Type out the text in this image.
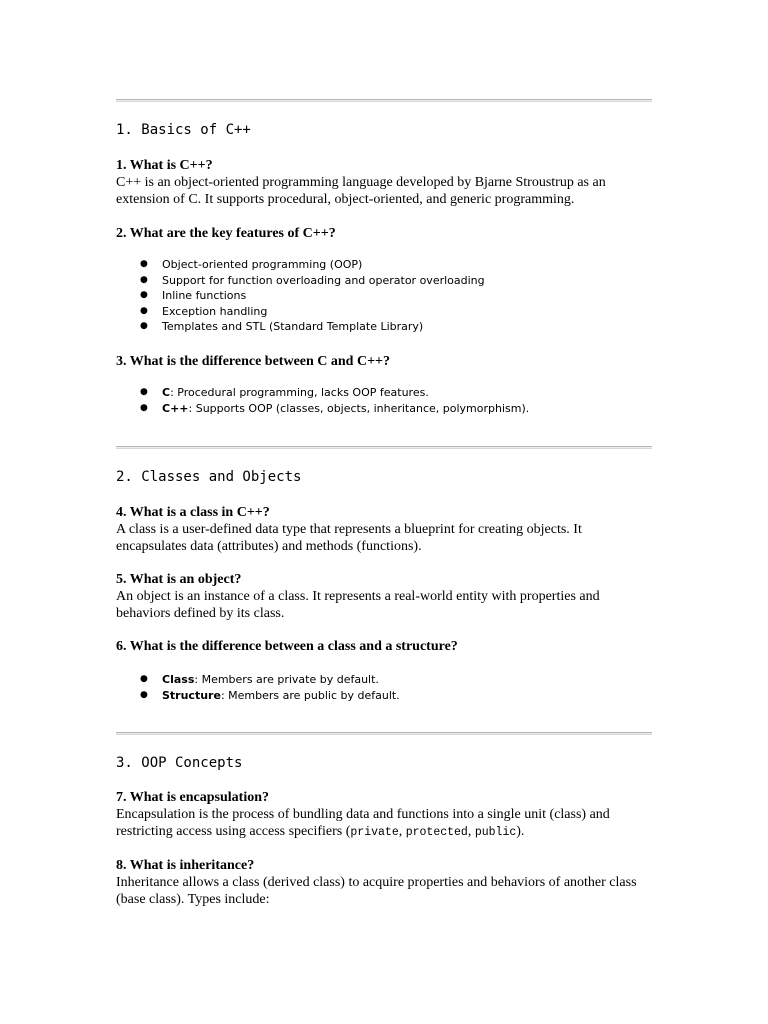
1. Basics of C++
1. What is C++?
C++ is an object-oriented programming language developed by Bjarne Stroustrup as an extension of C. It supports procedural, object-oriented, and generic programming.
2. What are the key features of C++?
● Object-oriented programming (OOP)
● Support for function overloading and operator overloading
● Inline functions
● Exception handling
● Templates and STL (Standard Template Library)
3. What is the difference between C and C++?
● C: Procedural programming, lacks OOP features.
● C++: Supports OOP (classes, objects, inheritance, polymorphism).
2. Classes and Objects
4. What is a class in C++?
A class is a user-defined data type that represents a blueprint for creating objects. It encapsulates data (attributes) and methods (functions).
5. What is an object?
An object is an instance of a class. It represents a real-world entity with properties and behaviors defined by its class.
6. What is the difference between a class and a structure?
● Class: Members are private by default.
● Structure: Members are public by default.
3. OOP Concepts
7. What is encapsulation?
Encapsulation is the process of bundling data and functions into a single unit (class) and restricting access using access specifiers (private, protected, public).
8. What is inheritance?
Inheritance allows a class (derived class) to acquire properties and behaviors of another class (base class). Types include:
